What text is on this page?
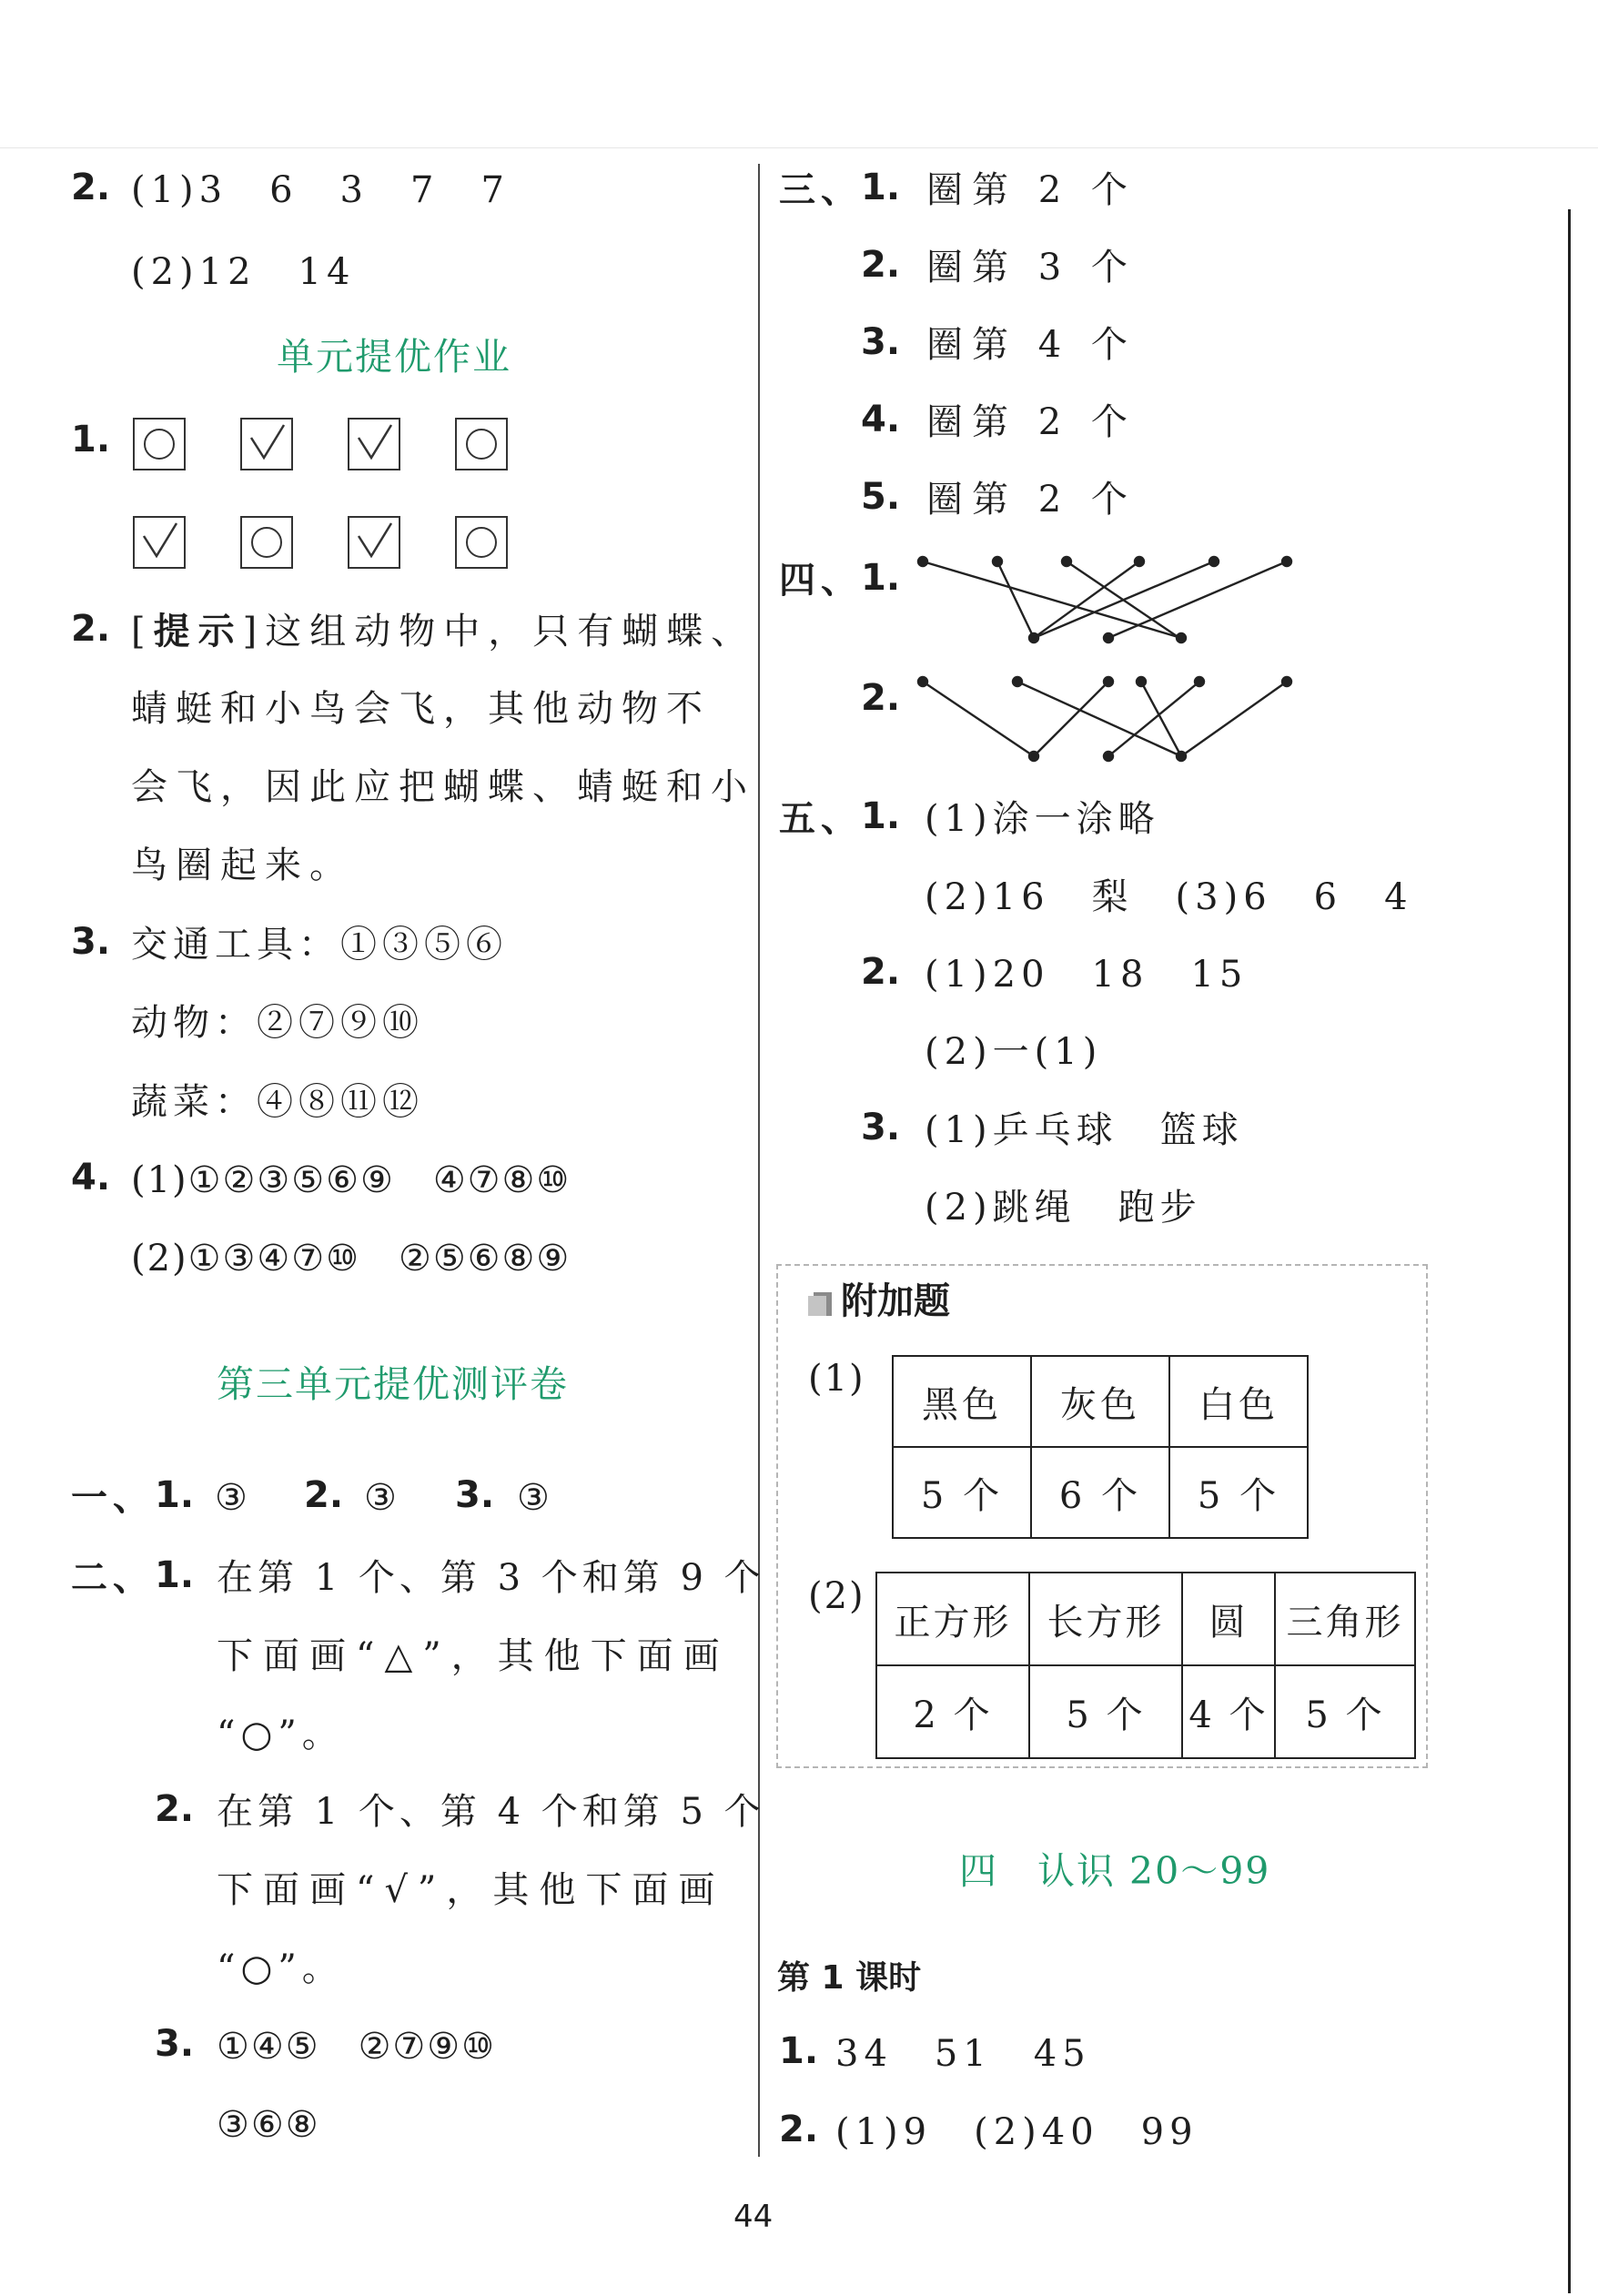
2. (1)3　6　3　7　7
(2)12　14
单元提优作业
1.
2. [提示]这组动物中，只有蝴蝶、
蜻蜓和小鸟会飞，其他动物不
会飞，因此应把蝴蝶、蜻蜓和小
鸟圈起来。
3. 交通工具：①③⑤⑥
动物：②⑦⑨⑩
蔬菜：④⑧⑪⑫
4. (1)①②③⑤⑥⑨　④⑦⑧⑩
(2)①③④⑦⑩　②⑤⑥⑧⑨
第三单元提优测评卷
一、 1. ③ 2. ③ 3. ③
二、 1. 在第 1 个、第 3 个和第 9 个
下面画“△”，其他下面画
“○”。
2. 在第 1 个、第 4 个和第 5 个
下面画“√”，其他下面画
“○”。
3. ①④⑤　②⑦⑨⑩
③⑥⑧
三、
1. 圈第 2 个
2. 圈第 3 个
3. 圈第 4 个
4. 圈第 2 个
5. 圈第 2 个
四、
1.
2.
五、
1. (1)涂一涂略
(2)16　梨　(3)6　6　4
2. (1)20　18　15
(2)一(1)
3. (1)乒乓球　篮球
(2)跳绳　跑步
附加题
(1)
黑色	灰色	白色
5 个	6 个	5 个
(2)
正方形	长方形	圆	三角形
2 个	5 个	4 个	5 个
四　认识 20～99
第 1 课时
1. 34　51　45
2. (1)9　(2)40　99
44
